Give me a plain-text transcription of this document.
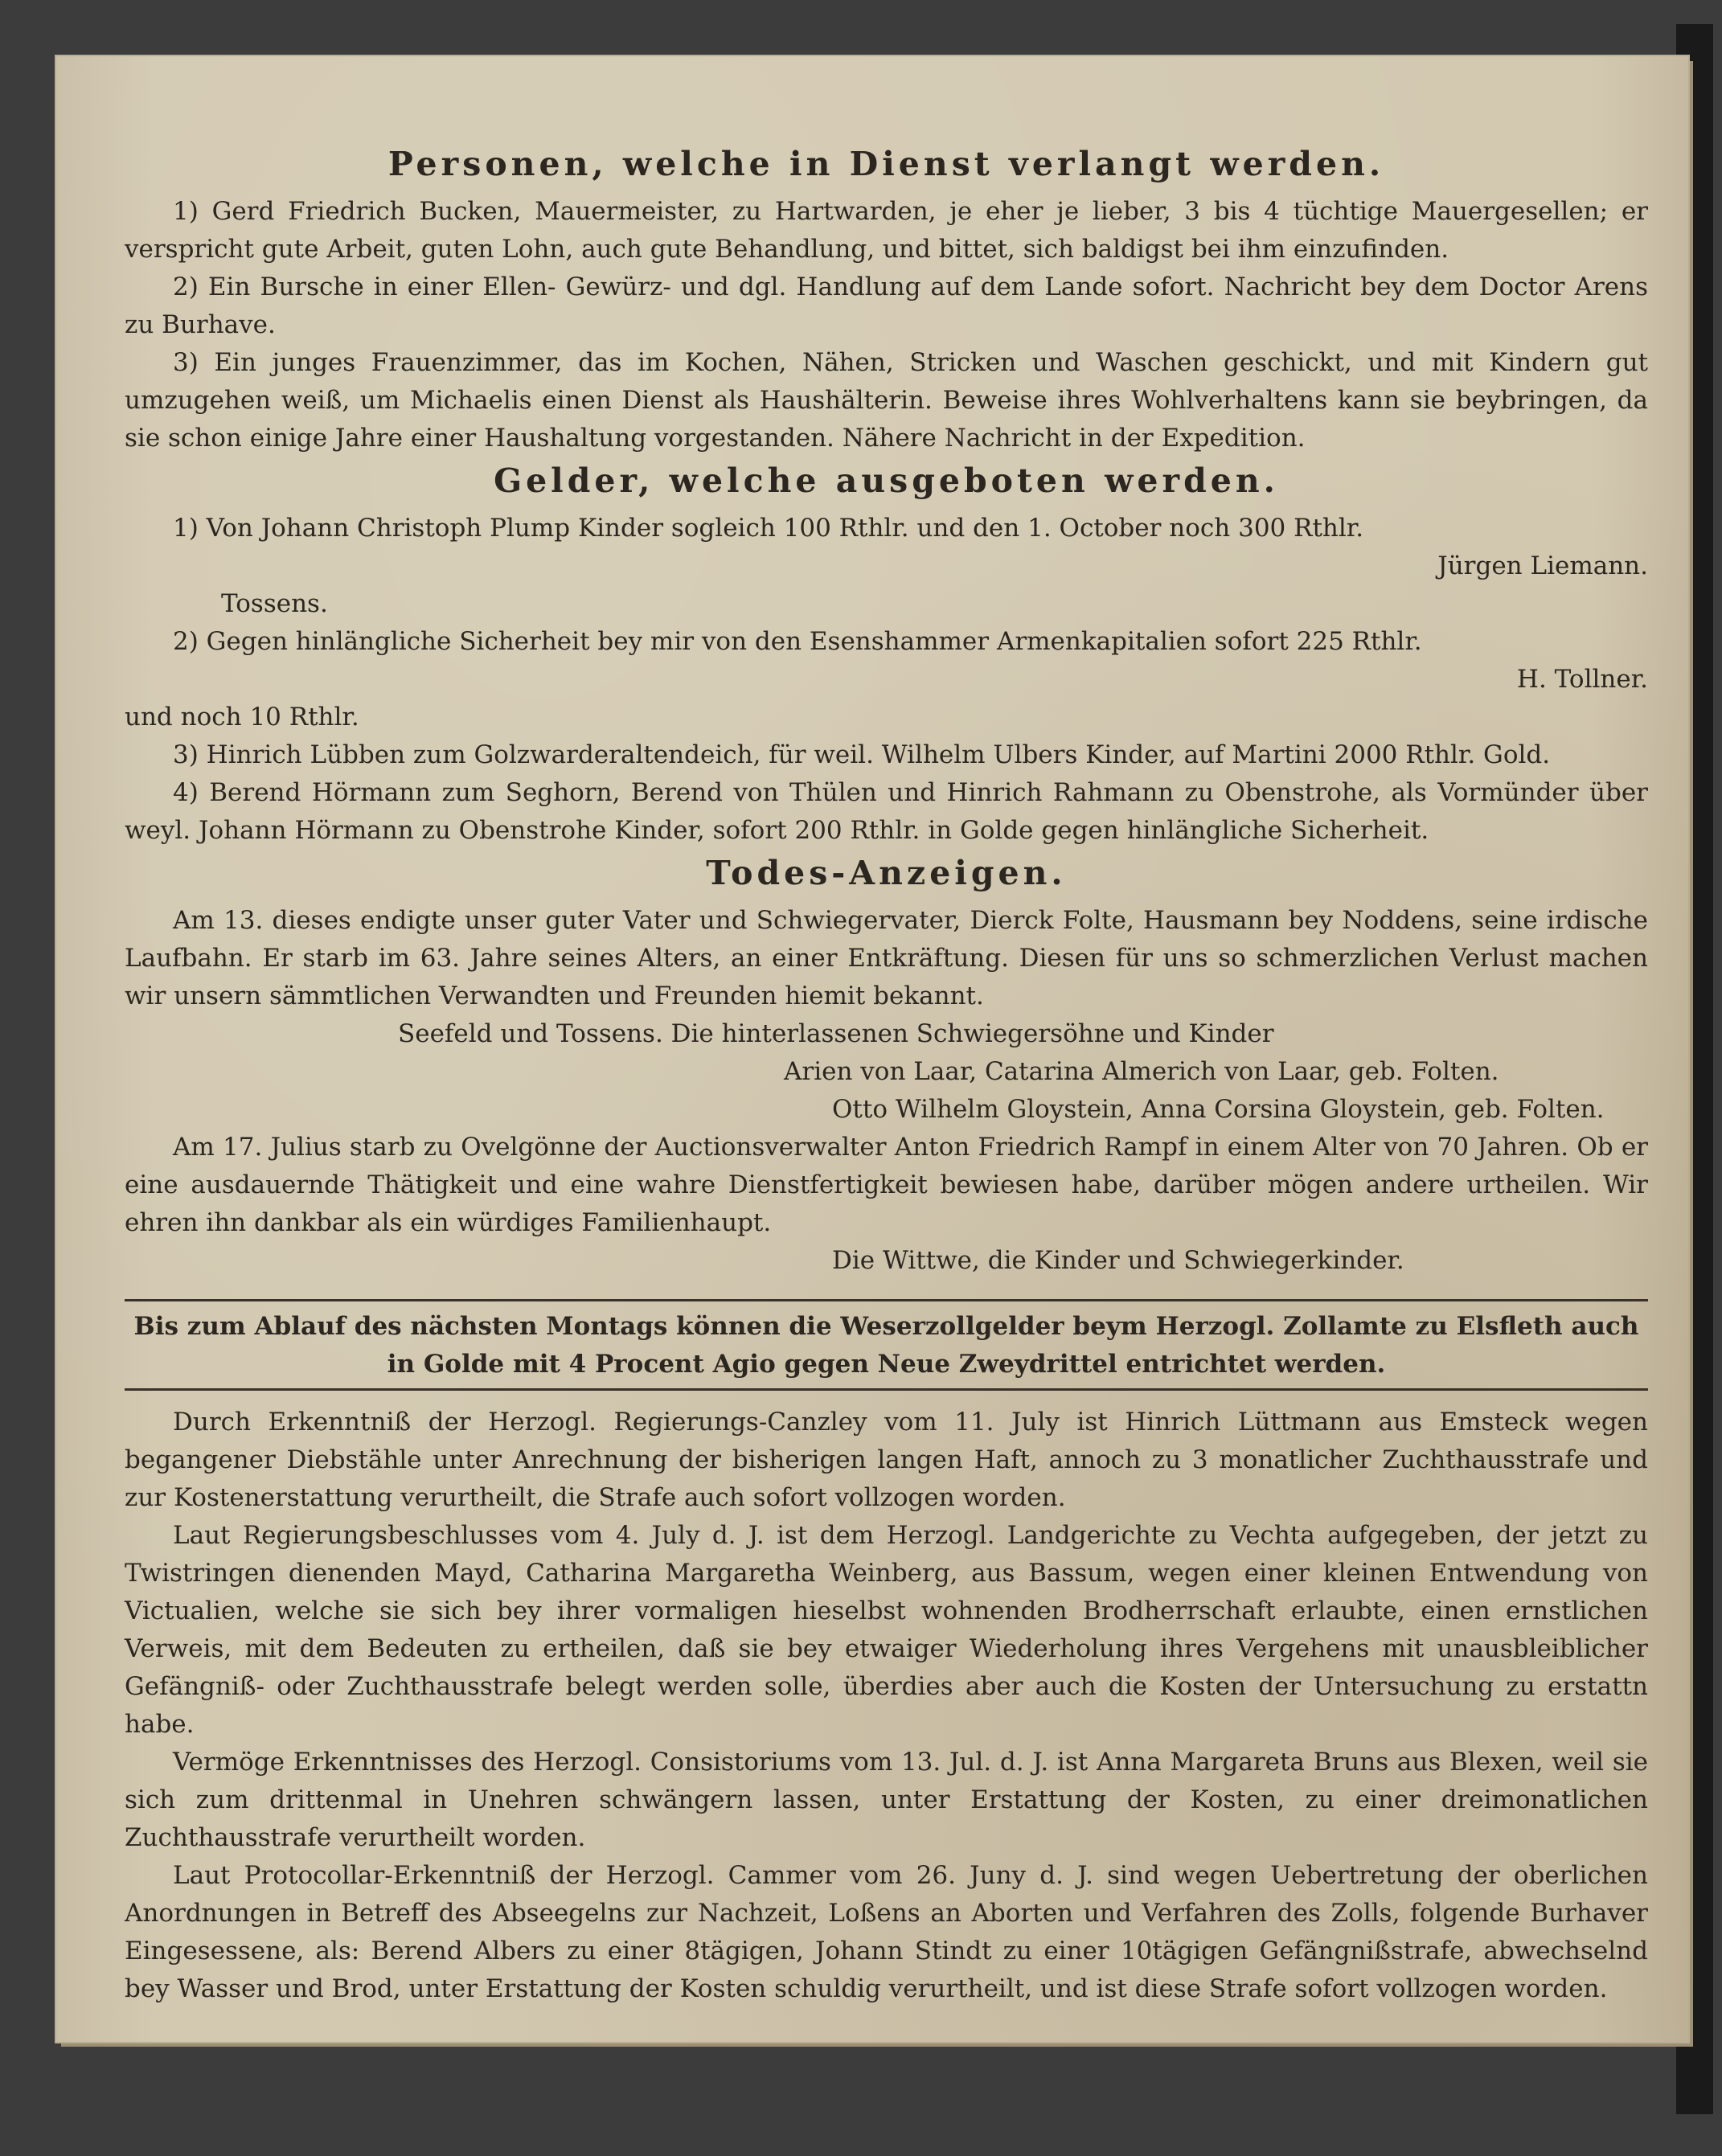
Personen, welche in Dienst verlangt werden.

1) Gerd Friedrich Bucken, Mauermeister, zu Hartwarden, je eher je lieber, 3 bis 4 tüchtige Mauergesellen; er verspricht gute Arbeit, guten Lohn, auch gute Behandlung, und bittet, sich baldigst bei ihm einzufinden.

2) Ein Bursche in einer Ellen- Gewürz- und dgl. Handlung auf dem Lande sofort. Nachricht bey dem Doctor Arens zu Burhave.

3) Ein junges Frauenzimmer, das im Kochen, Nähen, Stricken und Waschen geschickt, und mit Kindern gut umzugehen weiß, um Michaelis einen Dienst als Haushälterin. Beweise ihres Wohlverhaltens kann sie beybringen, da sie schon einige Jahre einer Haushaltung vorgestanden. Nähere Nachricht in der Expedition.

Gelder, welche ausgeboten werden.

1) Von Johann Christoph Plump Kinder sogleich 100 Rthlr. und den 1. October noch 300 Rthlr.

Jürgen Liemann.

Tossens.

2) Gegen hinlängliche Sicherheit bey mir von den Esenshammer Armenkapitalien sofort 225 Rthlr.

H. Tollner.

und noch 10 Rthlr.

3) Hinrich Lübben zum Golzwarderaltendeich, für weil. Wilhelm Ulbers Kinder, auf Martini 2000 Rthlr. Gold.

4) Berend Hörmann zum Seghorn, Berend von Thülen und Hinrich Rahmann zu Obenstrohe, als Vormünder über weyl. Johann Hörmann zu Obenstrohe Kinder, sofort 200 Rthlr. in Golde gegen hinlängliche Sicherheit.

Todes-Anzeigen.

Am 13. dieses endigte unser guter Vater und Schwiegervater, Dierck Folte, Hausmann bey Noddens, seine irdische Laufbahn. Er starb im 63. Jahre seines Alters, an einer Entkräftung. Diesen für uns so schmerzlichen Verlust machen wir unsern sämmtlichen Verwandten und Freunden hiemit bekannt.

Seefeld und Tossens. Die hinterlassenen Schwiegersöhne und Kinder

Arien von Laar, Catarina Almerich von Laar, geb. Folten.

Otto Wilhelm Gloystein, Anna Corsina Gloystein, geb. Folten.

Am 17. Julius starb zu Ovelgönne der Auctionsverwalter Anton Friedrich Rampf in einem Alter von 70 Jahren. Ob er eine ausdauernde Thätigkeit und eine wahre Dienstfertigkeit bewiesen habe, darüber mögen andere urtheilen. Wir ehren ihn dankbar als ein würdiges Familienhaupt.

Die Wittwe, die Kinder und Schwiegerkinder.

Bis zum Ablauf des nächsten Montags können die Weserzollgelder beym Herzogl. Zollamte zu Elsfleth auch
in Golde mit 4 Procent Agio gegen Neue Zweydrittel entrichtet werden.

Durch Erkenntniß der Herzogl. Regierungs-Canzley vom 11. July ist Hinrich Lüttmann aus Emsteck wegen begangener Diebstähle unter Anrechnung der bisherigen langen Haft, annoch zu 3 monatlicher Zuchthausstrafe und zur Kostenerstattung verurtheilt, die Strafe auch sofort vollzogen worden.

Laut Regierungsbeschlusses vom 4. July d. J. ist dem Herzogl. Landgerichte zu Vechta aufgegeben, der jetzt zu Twistringen dienenden Mayd, Catharina Margaretha Weinberg, aus Bassum, wegen einer kleinen Entwendung von Victualien, welche sie sich bey ihrer vormaligen hieselbst wohnenden Brodherrschaft erlaubte, einen ernstlichen Verweis, mit dem Bedeuten zu ertheilen, daß sie bey etwaiger Wiederholung ihres Vergehens mit unausbleiblicher Gefängniß- oder Zuchthausstrafe belegt werden solle, überdies aber auch die Kosten der Untersuchung zu erstattn habe.

Vermöge Erkenntnisses des Herzogl. Consistoriums vom 13. Jul. d. J. ist Anna Margareta Bruns aus Blexen, weil sie sich zum drittenmal in Unehren schwängern lassen, unter Erstattung der Kosten, zu einer dreimonatlichen Zuchthausstrafe verurtheilt worden.

Laut Protocollar-Erkenntniß der Herzogl. Cammer vom 26. Juny d. J. sind wegen Uebertretung der oberlichen Anordnungen in Betreff des Abseegelns zur Nachzeit, Loßens an Aborten und Verfahren des Zolls, folgende Burhaver Eingesessene, als: Berend Albers zu einer 8tägigen, Johann Stindt zu einer 10tägigen Gefängnißstrafe, abwechselnd bey Wasser und Brod, unter Erstattung der Kosten schuldig verurtheilt, und ist diese Strafe sofort vollzogen worden.
